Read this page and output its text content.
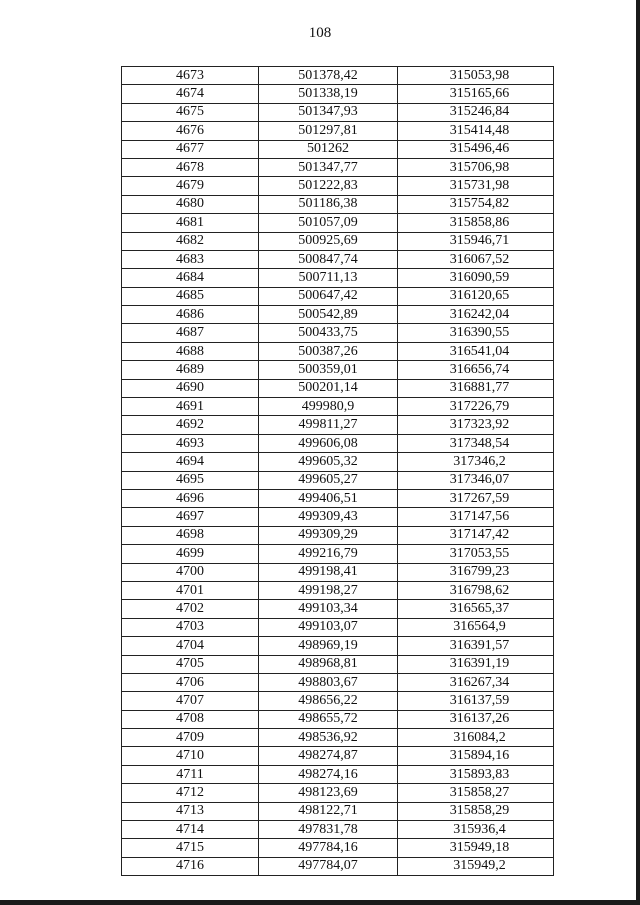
108
4673	501378,42	315053,98
4674	501338,19	315165,66
4675	501347,93	315246,84
4676	501297,81	315414,48
4677	501262	315496,46
4678	501347,77	315706,98
4679	501222,83	315731,98
4680	501186,38	315754,82
4681	501057,09	315858,86
4682	500925,69	315946,71
4683	500847,74	316067,52
4684	500711,13	316090,59
4685	500647,42	316120,65
4686	500542,89	316242,04
4687	500433,75	316390,55
4688	500387,26	316541,04
4689	500359,01	316656,74
4690	500201,14	316881,77
4691	499980,9	317226,79
4692	499811,27	317323,92
4693	499606,08	317348,54
4694	499605,32	317346,2
4695	499605,27	317346,07
4696	499406,51	317267,59
4697	499309,43	317147,56
4698	499309,29	317147,42
4699	499216,79	317053,55
4700	499198,41	316799,23
4701	499198,27	316798,62
4702	499103,34	316565,37
4703	499103,07	316564,9
4704	498969,19	316391,57
4705	498968,81	316391,19
4706	498803,67	316267,34
4707	498656,22	316137,59
4708	498655,72	316137,26
4709	498536,92	316084,2
4710	498274,87	315894,16
4711	498274,16	315893,83
4712	498123,69	315858,27
4713	498122,71	315858,29
4714	497831,78	315936,4
4715	497784,16	315949,18
4716	497784,07	315949,2
